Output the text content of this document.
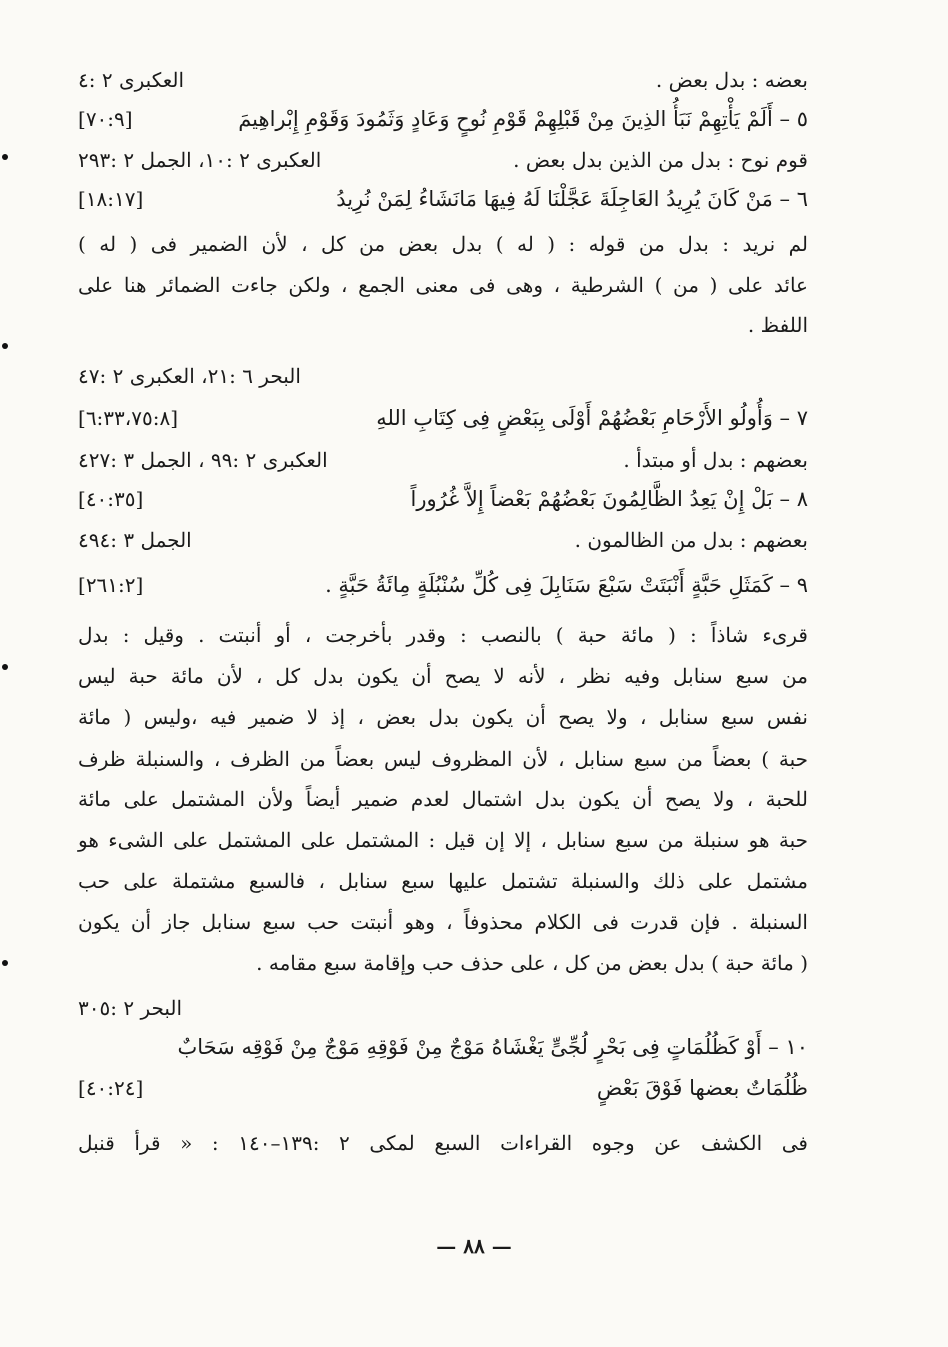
بعضه : بدل بعض .
العكبرى ٢ :٤
٥ – أَلَمْ يَأْتِهِمْ نَبَأُ الذِينَ مِنْ قَبْلِهِمْ قَوْمِ نُوحٍ وَعَادٍ وَثَمُودَ وَقَوْمِ إِبْراهِيمَ
[٧٠:٩]
قوم نوح : بدل من الذين بدل بعض .
العكبرى ٢ :١٠، الجمل ٢ :٢٩٣
٦ – مَنْ كَانَ يُرِيدُ العَاجِلَةَ عَجَّلْنَا لَهُ فِيهَا مَانَشَاءُ لِمَنْ نُرِيدُ
[١٨:١٧]
لم نريد : بدل من قوله : ( له ) بدل بعض من كل ، لأن الضمير فى ( له )
عائد على ( من ) الشرطية ، وهى فى معنى الجمع ، ولكن جاءت الضمائر هنا على
اللفظ .
البحر ٦ :٢١، العكبرى ٢ :٤٧
٧ – وَأُولُو الأَرْحَامِ بَعْضُهُمْ أَوْلَى بِبَعْضٍ فِى كِتَابِ اللهِ
[٦:٣٣،٧٥:٨]
بعضهم : بدل أو مبتدأ .
العكبرى ٢ :٩٩ ، الجمل ٣ :٤٢٧
٨ – بَلْ إِنْ يَعِدُ الظَّالِمُونَ بَعْضُهُمْ بَعْضاً إِلاَّ غُرُوراً
[٤٠:٣٥]
بعضهم : بدل من الظالمون .
الجمل ٣ :٤٩٤
٩ – كَمَثَلِ حَبَّةٍ أَنْبَتَتْ سَبْعَ سَنَابِلَ فِى كُلِّ سُنْبُلَةٍ مِائَةُ حَبَّةٍ .
[٢٦١:٢]
قرىء شاذاً : ( مائة حبة ) بالنصب : وقدر بأخرجت ، أو أنبتت . وقيل : بدل
من سبع سنابل وفيه نظر ، لأنه لا يصح أن يكون بدل كل ، لأن مائة حبة ليس
نفس سبع سنابل ، ولا يصح أن يكون بدل بعض ، إذ لا ضمير فيه ،وليس ( مائة
حبة ) بعضاً من سبع سنابل ، لأن المظروف ليس بعضاً من الظرف ، والسنبلة ظرف
للحبة ، ولا يصح أن يكون بدل اشتمال لعدم ضمير أيضاً ولأن المشتمل على مائة
حبة هو سنبلة من سبع سنابل ، إلا إن قيل : المشتمل على المشتمل على الشىء هو
مشتمل على ذلك والسنبلة تشتمل عليها سبع سنابل ، فالسبع مشتملة على حب
السنبلة . فإن قدرت فى الكلام محذوفاً ، وهو أنبتت حب سبع سنابل جاز أن يكون
( مائة حبة ) بدل بعض من كل ، على حذف حب وإقامة سبع مقامه .
البحر ٢ :٣٠٥
١٠ – أَوْ كَظُلُمَاتٍ فِى بَحْرٍ لُجِّىٍّ يَغْشَاهُ مَوْجٌ مِنْ فَوْقِهِ مَوْجٌ مِنْ فَوْقِه سَحَابٌ
ظُلُمَاتٌ بعضها فَوْقَ بَعْضٍ
[٤٠:٢٤]
فى الكشف عن وجوه القراءات السبع لمكى ٢ :١٣٩–١٤٠ : « قرأ قنبل
— ٨٨ —
